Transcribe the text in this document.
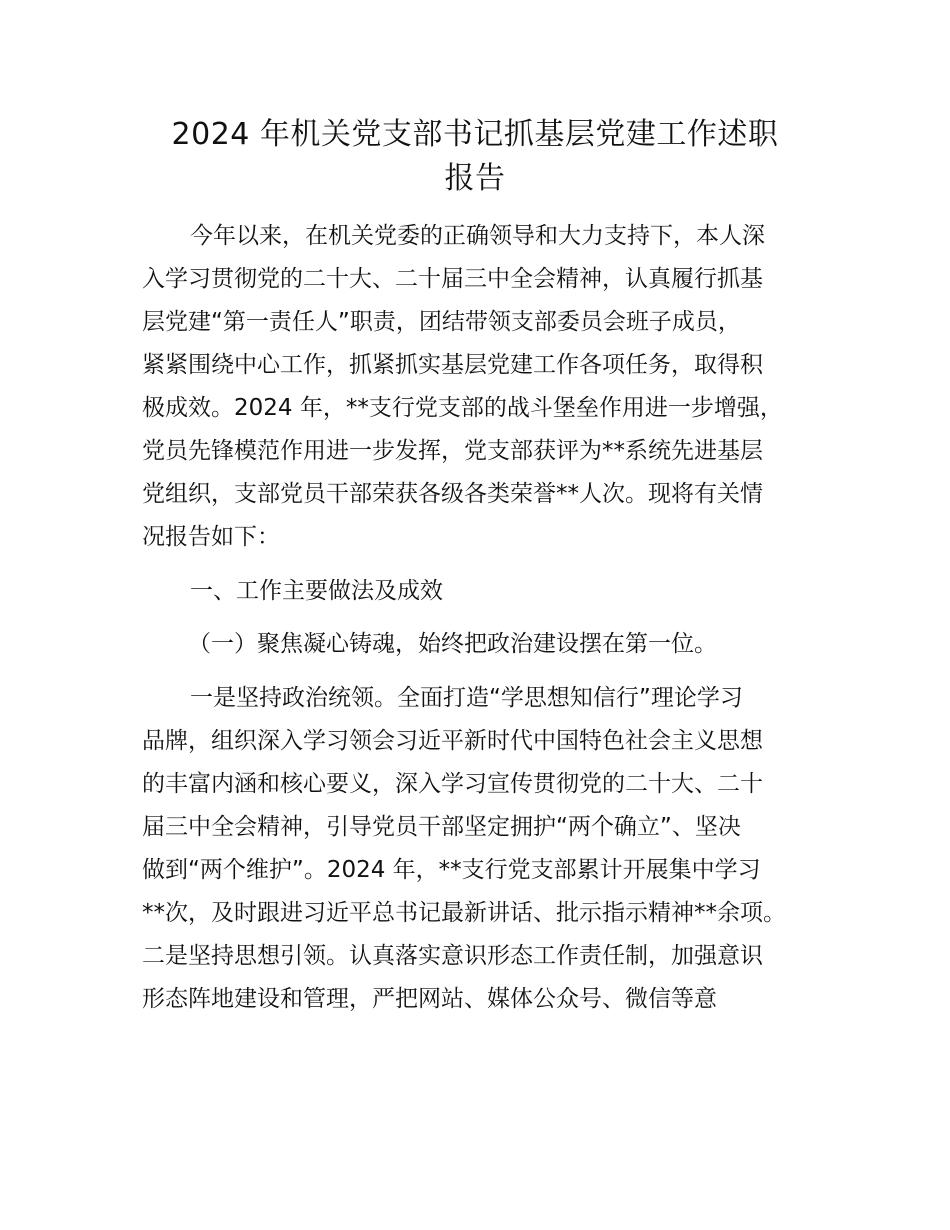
2024 年机关党支部书记抓基层党建工作述职
报告
今年以来，在机关党委的正确领导和大力支持下，本人深
入学习贯彻党的二十大、二十届三中全会精神，认真履行抓基
层党建“第一责任人”职责，团结带领支部委员会班子成员，
紧紧围绕中心工作，抓紧抓实基层党建工作各项任务，取得积
极成效。2024 年，**支行党支部的战斗堡垒作用进一步增强，
党员先锋模范作用进一步发挥，党支部获评为**系统先进基层
党组织，支部党员干部荣获各级各类荣誉**人次。现将有关情
况报告如下：
一、工作主要做法及成效
（一）聚焦凝心铸魂，始终把政治建设摆在第一位。
一是坚持政治统领。全面打造“学思想知信行”理论学习
品牌，组织深入学习领会习近平新时代中国特色社会主义思想
的丰富内涵和核心要义，深入学习宣传贯彻党的二十大、二十
届三中全会精神，引导党员干部坚定拥护“两个确立”、坚决
做到“两个维护”。2024 年，**支行党支部累计开展集中学习
**次，及时跟进习近平总书记最新讲话、批示指示精神**余项。
二是坚持思想引领。认真落实意识形态工作责任制，加强意识
形态阵地建设和管理，严把网站、媒体公众号、微信等意
